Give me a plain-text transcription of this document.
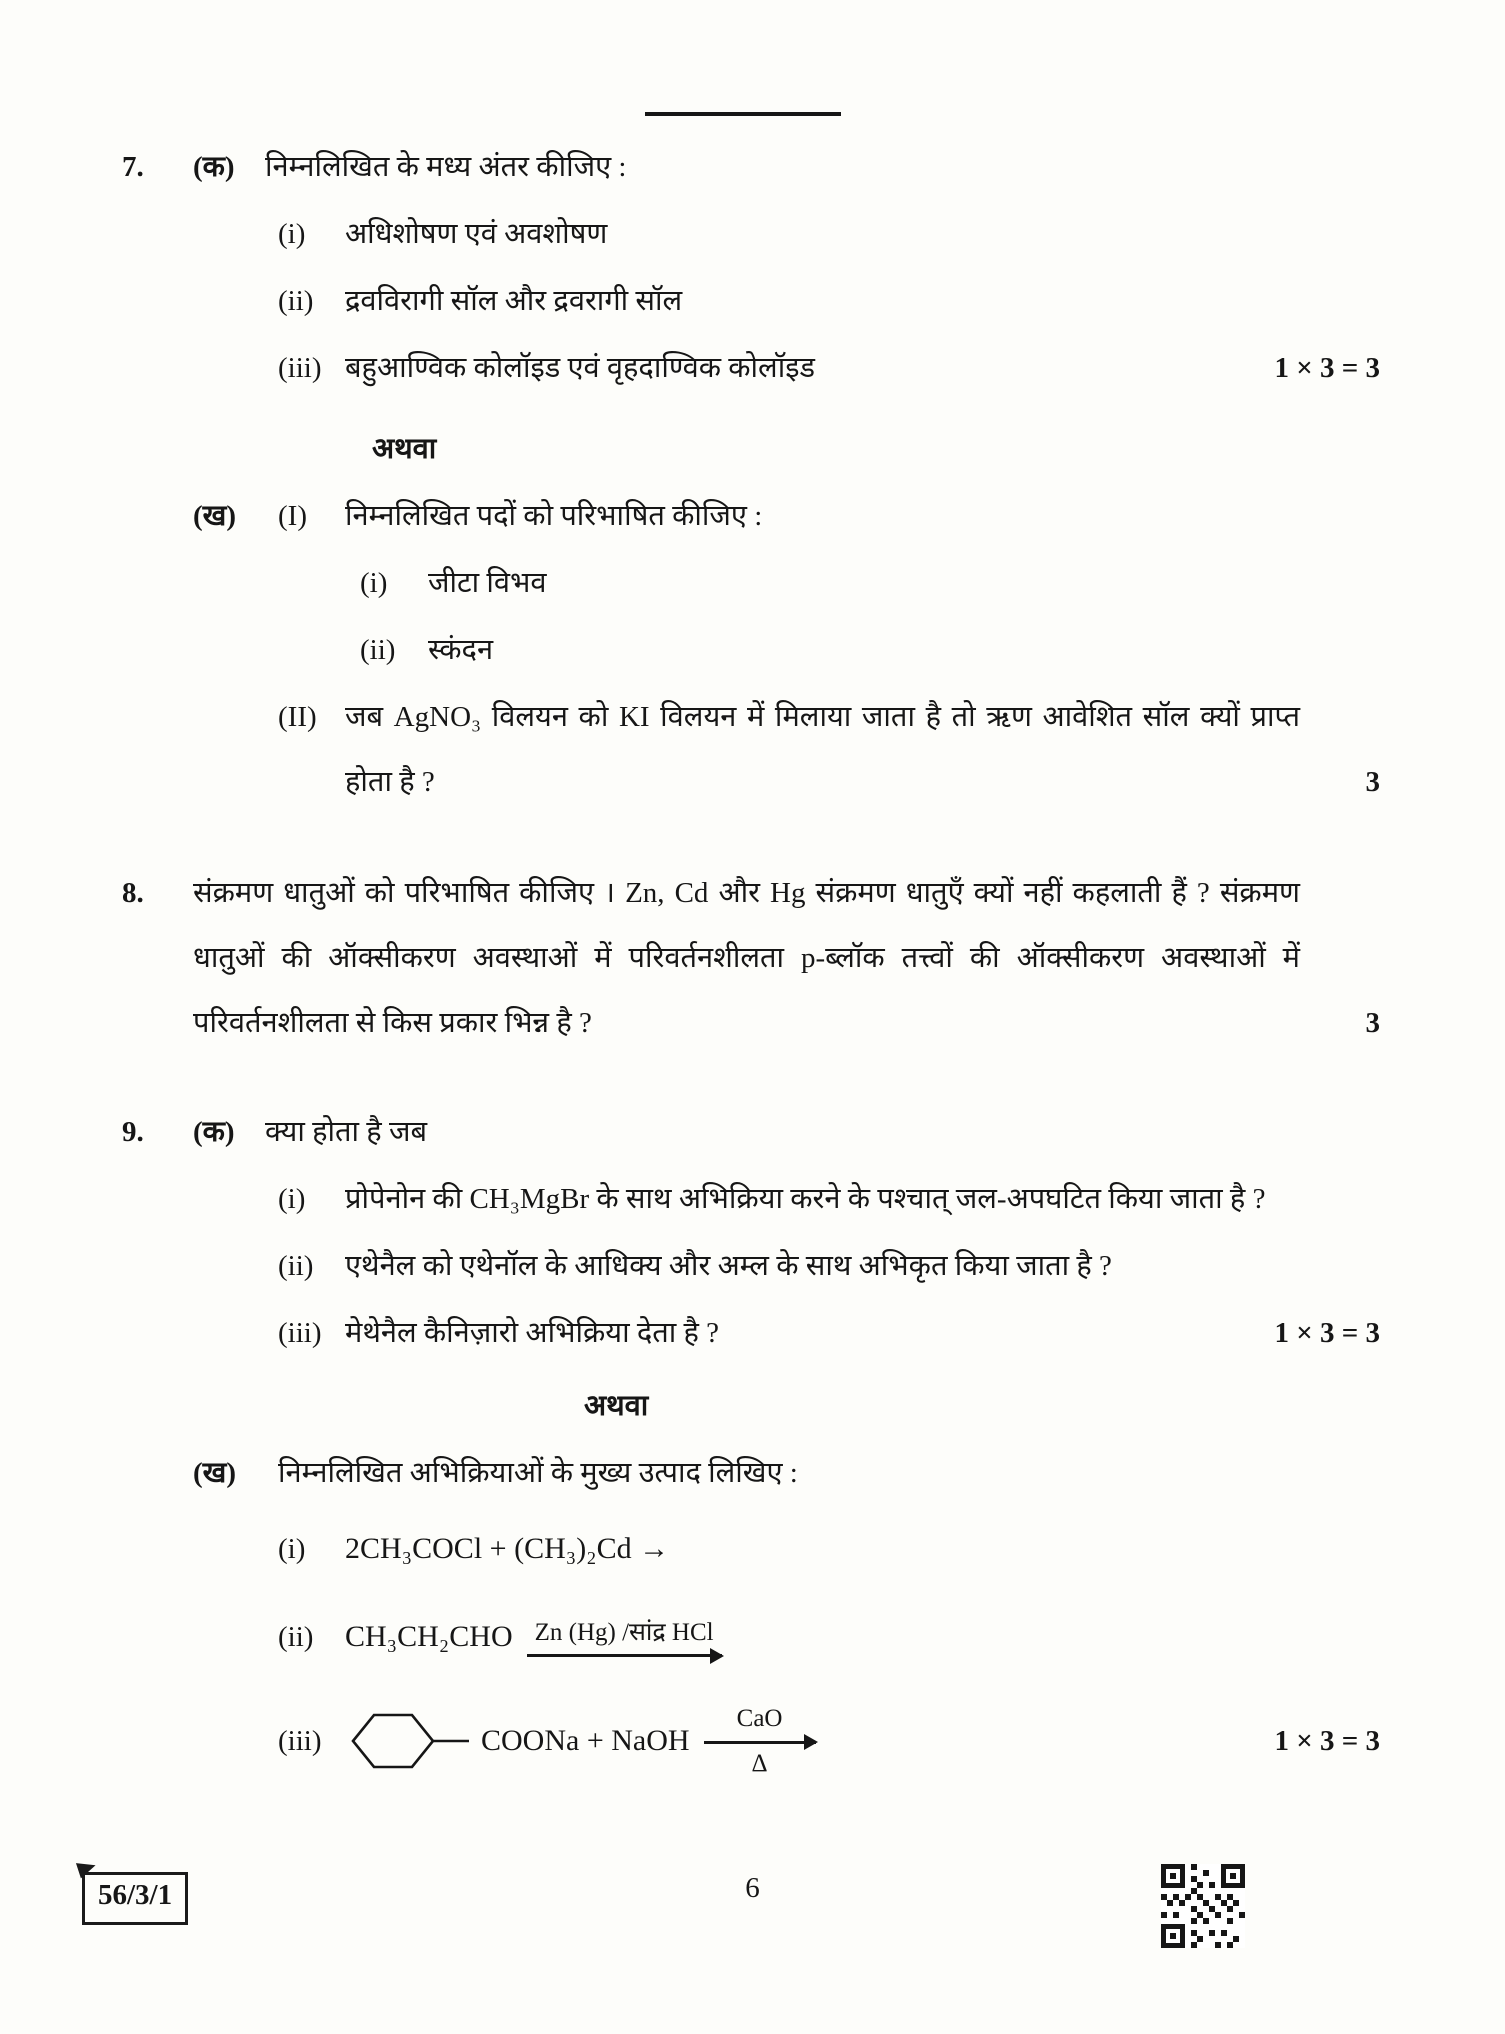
7.	(क)	निम्नलिखित के मध्य अंतर कीजिए :
(i)	अधिशोषण एवं अवशोषण
(ii)	द्रवविरागी सॉल और द्रवरागी सॉल
(iii) बहुआण्विक कोलॉइड एवं वृहदाण्विक कोलॉइड	1 × 3 = 3
अथवा
(ख)	(I)	निम्नलिखित पदों को परिभाषित कीजिए :
(i)	जीटा विभव
(ii)	स्कंदन
(II) जब AgNO₃ विलयन को KI विलयन में मिलाया जाता है तो ऋण आवेशित सॉल क्यों प्राप्त होता है ?	3
8.	संक्रमण धातुओं को परिभाषित कीजिए । Zn, Cd और Hg संक्रमण धातुएँ क्यों नहीं कहलाती हैं ? संक्रमण धातुओं की ऑक्सीकरण अवस्थाओं में परिवर्तनशीलता p-ब्लॉक तत्त्वों की ऑक्सीकरण अवस्थाओं में परिवर्तनशीलता से किस प्रकार भिन्न है ?	3
9.	(क)	क्या होता है जब
(i)	प्रोपेनोन की CH₃MgBr के साथ अभिक्रिया करने के पश्चात् जल-अपघटित किया जाता है ?
(ii)	एथेनैल को एथेनॉल के आधिक्य और अम्ल के साथ अभिकृत किया जाता है ?
(iii) मेथेनैल कैनिज़ारो अभिक्रिया देता है ?	1 × 3 = 3
अथवा
(ख)	निम्नलिखित अभिक्रियाओं के मुख्य उत्पाद लिखिए :
(i)	2CH₃COCl + (CH₃)₂Cd →
(ii)	CH₃CH₂CHO Zn (Hg) /सांद्र HCl
(iii)	COONa + NaOH
CaO
Δ
1 × 3 = 3
56/3/1	6
